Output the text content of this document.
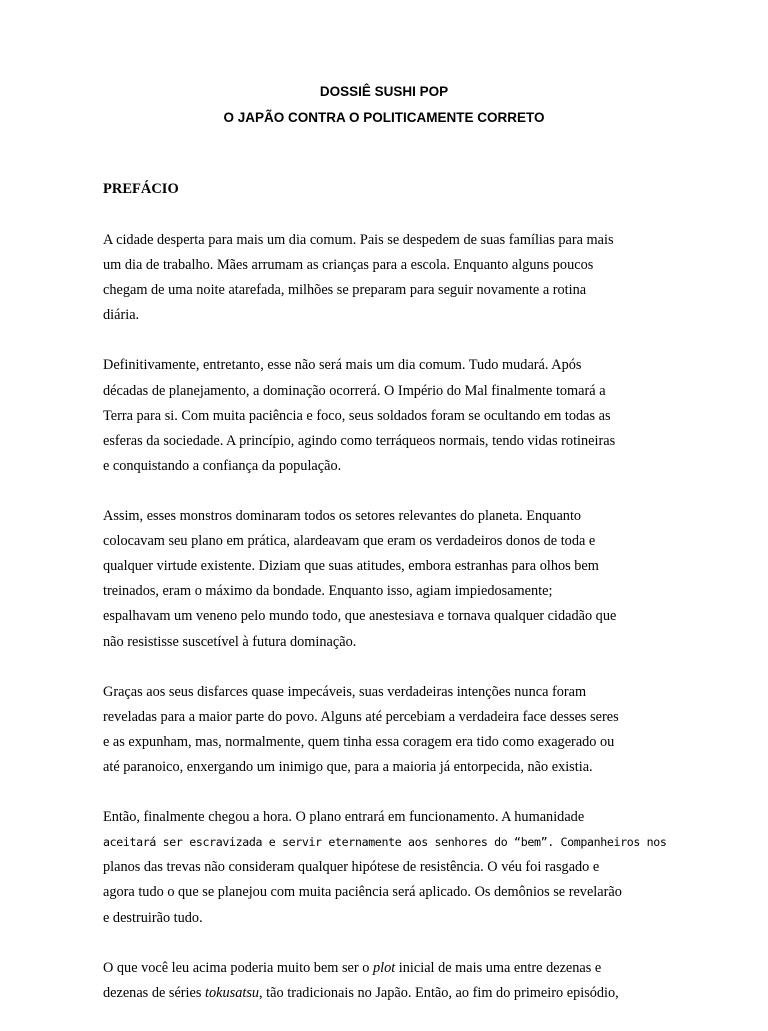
DOSSIÊ SUSHI POP
O JAPÃO CONTRA O POLITICAMENTE CORRETO
PREFÁCIO

A cidade desperta para mais um dia comum. Pais se despedem de suas famílias para mais
um dia de trabalho. Mães arrumam as crianças para a escola. Enquanto alguns poucos
chegam de uma noite atarefada, milhões se preparam para seguir novamente a rotina
diária.

Definitivamente, entretanto, esse não será mais um dia comum. Tudo mudará. Após
décadas de planejamento, a dominação ocorrerá. O Império do Mal finalmente tomará a
Terra para si. Com muita paciência e foco, seus soldados foram se ocultando em todas as
esferas da sociedade. A princípio, agindo como terráqueos normais, tendo vidas rotineiras
e conquistando a confiança da população.

Assim, esses monstros dominaram todos os setores relevantes do planeta. Enquanto
colocavam seu plano em prática, alardeavam que eram os verdadeiros donos de toda e
qualquer virtude existente. Diziam que suas atitudes, embora estranhas para olhos bem
treinados, eram o máximo da bondade. Enquanto isso, agiam impiedosamente;
espalhavam um veneno pelo mundo todo, que anestesiava e tornava qualquer cidadão que
não resistisse suscetível à futura dominação.

Graças aos seus disfarces quase impecáveis, suas verdadeiras intenções nunca foram
reveladas para a maior parte do povo. Alguns até percebiam a verdadeira face desses seres
e as expunham, mas, normalmente, quem tinha essa coragem era tido como exagerado ou
até paranoico, enxergando um inimigo que, para a maioria já entorpecida, não existia.

Então, finalmente chegou a hora. O plano entrará em funcionamento. A humanidade
aceitará ser escravizada e servir eternamente aos senhores do “bem”. Companheiros nos
planos das trevas não consideram qualquer hipótese de resistência. O véu foi rasgado e
agora tudo o que se planejou com muita paciência será aplicado. Os demônios se revelarão
e destruirão tudo.

O que você leu acima poderia muito bem ser o plot inicial de mais uma entre dezenas e
dezenas de séries tokusatsu, tão tradicionais no Japão. Então, ao fim do primeiro episódio,
